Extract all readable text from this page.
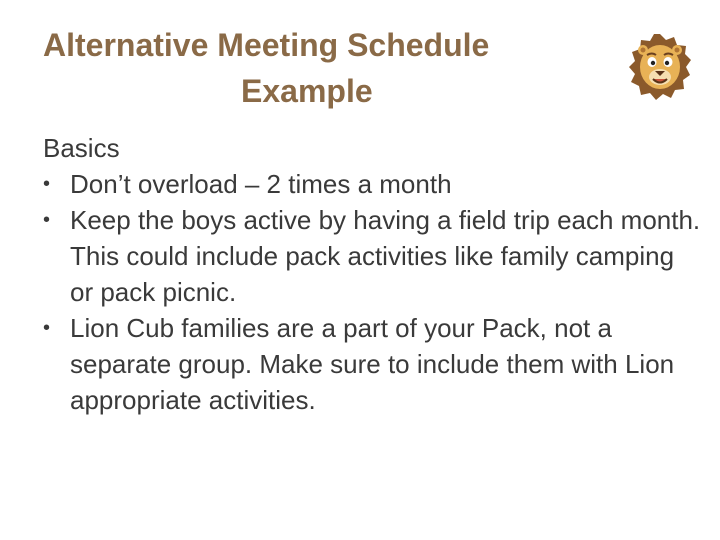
Alternative Meeting Schedule
Example
Basics
• Don’t overload – 2 times a month
• Keep the boys active by having a field trip each month. This could include pack activities like family camping or pack picnic.
• Lion Cub families are a part of your Pack, not a separate group. Make sure to include them with Lion appropriate activities.
